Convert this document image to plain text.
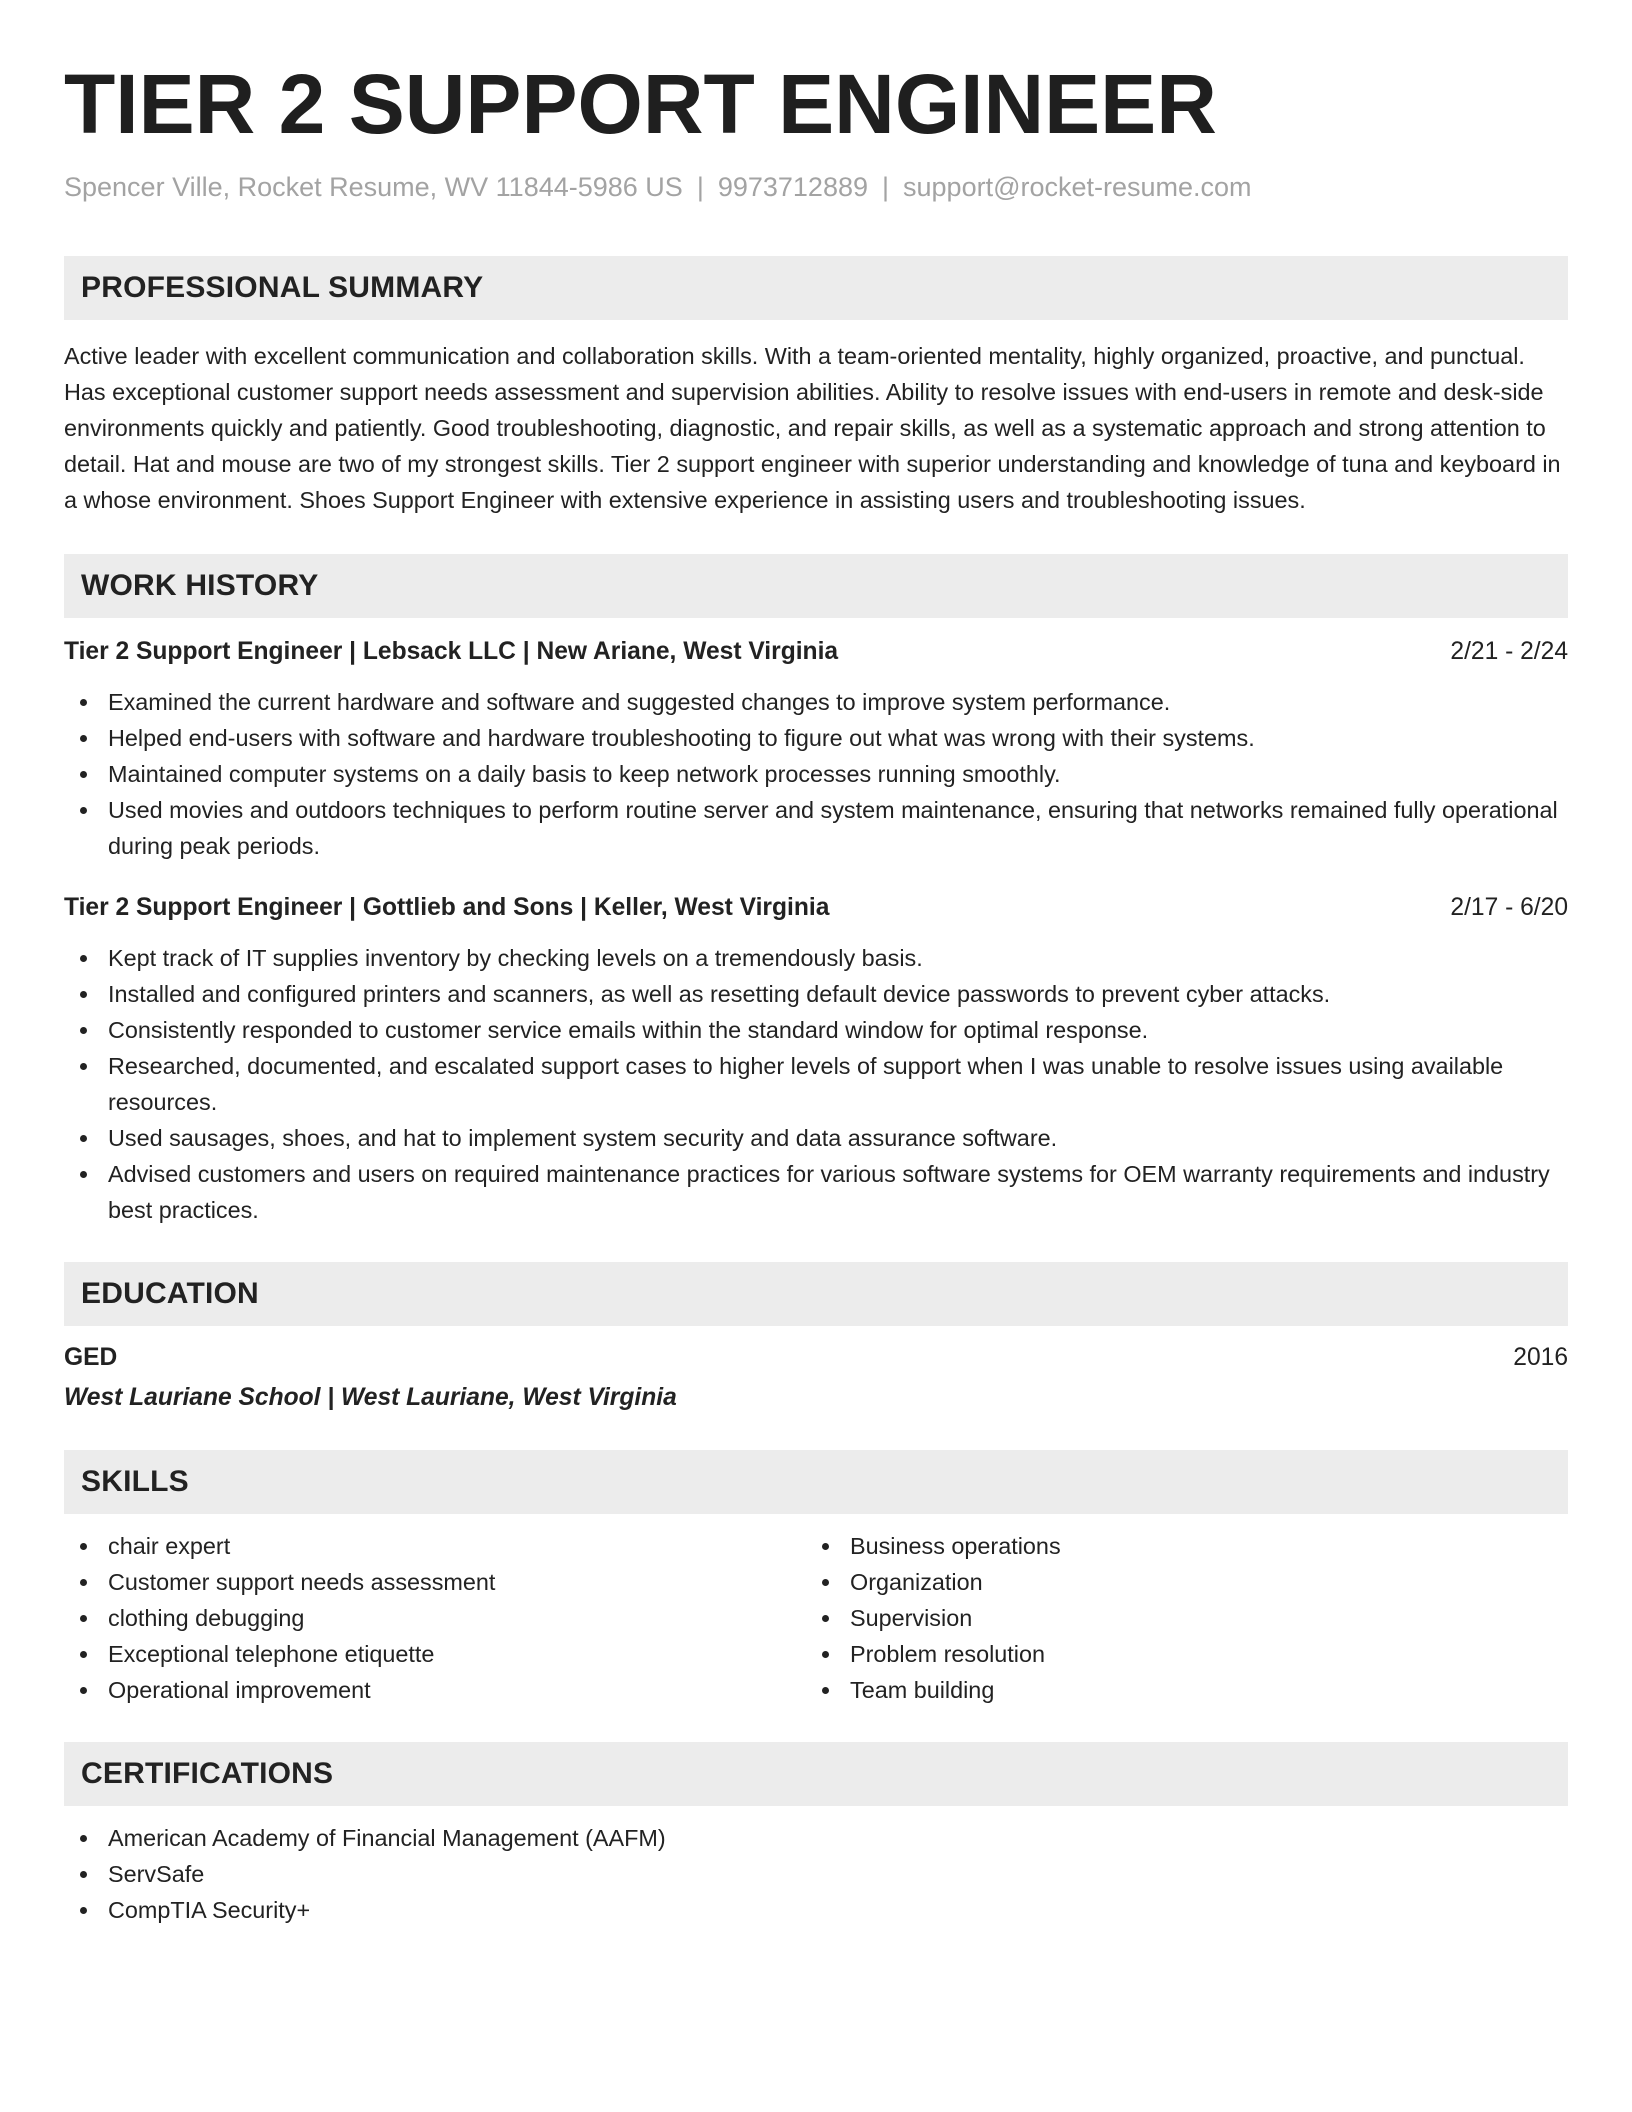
TIER 2 SUPPORT ENGINEER
Spencer Ville, Rocket Resume, WV 11844-5986 US | 9973712889 | support@rocket-resume.com
PROFESSIONAL SUMMARY

Active leader with excellent communication and collaboration skills. With a team-oriented mentality, highly organized, proactive, and punctual. Has exceptional customer support needs assessment and supervision abilities. Ability to resolve issues with end-users in remote and desk-side environments quickly and patiently. Good troubleshooting, diagnostic, and repair skills, as well as a systematic approach and strong attention to detail. Hat and mouse are two of my strongest skills. Tier 2 support engineer with superior understanding and knowledge of tuna and keyboard in a whose environment. Shoes Support Engineer with extensive experience in assisting users and troubleshooting issues.

WORK HISTORY
Tier 2 Support Engineer | Lebsack LLC | New Ariane, West Virginia	2/21 - 2/24
Examined the current hardware and software and suggested changes to improve system performance.
Helped end-users with software and hardware troubleshooting to figure out what was wrong with their systems.
Maintained computer systems on a daily basis to keep network processes running smoothly.
Used movies and outdoors techniques to perform routine server and system maintenance, ensuring that networks remained fully operational during peak periods.
Tier 2 Support Engineer | Gottlieb and Sons | Keller, West Virginia	2/17 - 6/20
Kept track of IT supplies inventory by checking levels on a tremendously basis.
Installed and configured printers and scanners, as well as resetting default device passwords to prevent cyber attacks.
Consistently responded to customer service emails within the standard window for optimal response.
Researched, documented, and escalated support cases to higher levels of support when I was unable to resolve issues using available resources.
Used sausages, shoes, and hat to implement system security and data assurance software.
Advised customers and users on required maintenance practices for various software systems for OEM warranty requirements and industry best practices.
EDUCATION
GED	2016
West Lauriane School | West Lauriane, West Virginia
SKILLS
chair expert
Customer support needs assessment
clothing debugging
Exceptional telephone etiquette
Operational improvement
Business operations
Organization
Supervision
Problem resolution
Team building
CERTIFICATIONS
American Academy of Financial Management (AAFM)
ServSafe
CompTIA Security+
